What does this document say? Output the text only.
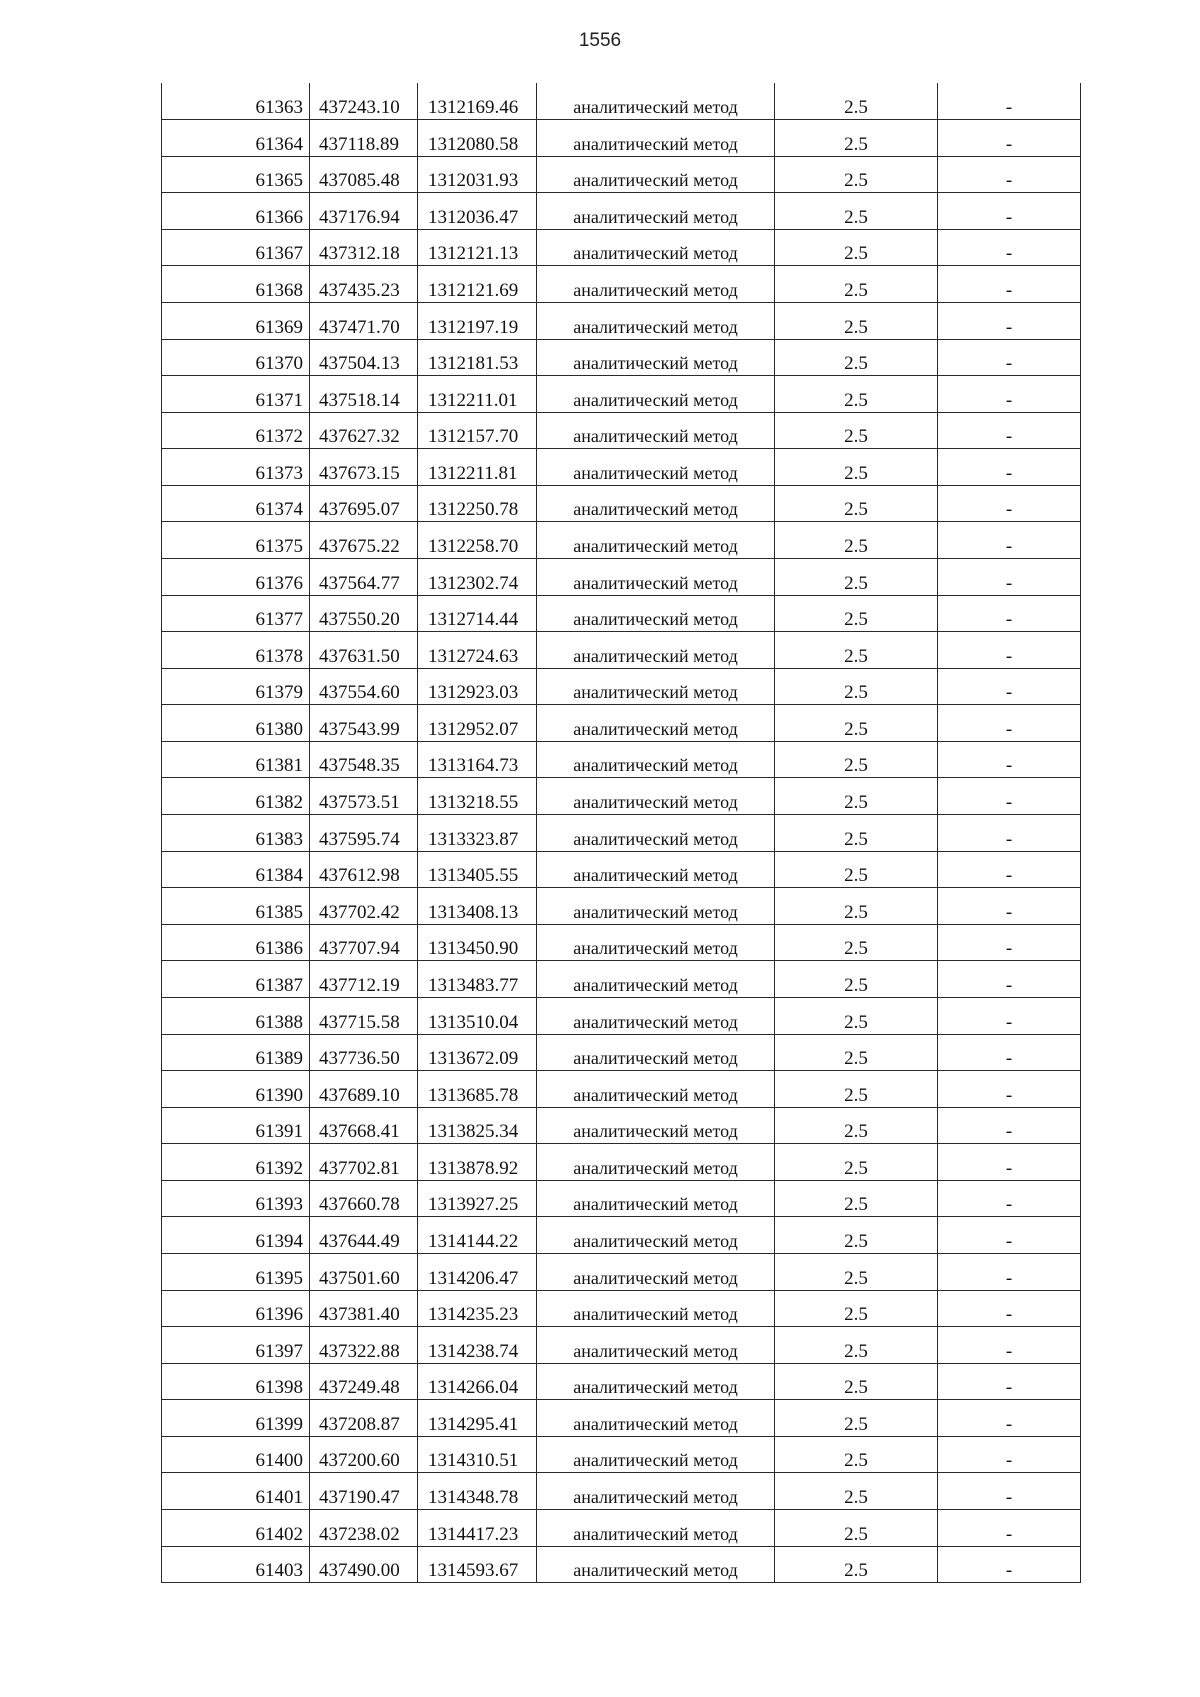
1556
61363	437243.10	1312169.46	аналитический метод	2.5	-
61364	437118.89	1312080.58	аналитический метод	2.5	-
61365	437085.48	1312031.93	аналитический метод	2.5	-
61366	437176.94	1312036.47	аналитический метод	2.5	-
61367	437312.18	1312121.13	аналитический метод	2.5	-
61368	437435.23	1312121.69	аналитический метод	2.5	-
61369	437471.70	1312197.19	аналитический метод	2.5	-
61370	437504.13	1312181.53	аналитический метод	2.5	-
61371	437518.14	1312211.01	аналитический метод	2.5	-
61372	437627.32	1312157.70	аналитический метод	2.5	-
61373	437673.15	1312211.81	аналитический метод	2.5	-
61374	437695.07	1312250.78	аналитический метод	2.5	-
61375	437675.22	1312258.70	аналитический метод	2.5	-
61376	437564.77	1312302.74	аналитический метод	2.5	-
61377	437550.20	1312714.44	аналитический метод	2.5	-
61378	437631.50	1312724.63	аналитический метод	2.5	-
61379	437554.60	1312923.03	аналитический метод	2.5	-
61380	437543.99	1312952.07	аналитический метод	2.5	-
61381	437548.35	1313164.73	аналитический метод	2.5	-
61382	437573.51	1313218.55	аналитический метод	2.5	-
61383	437595.74	1313323.87	аналитический метод	2.5	-
61384	437612.98	1313405.55	аналитический метод	2.5	-
61385	437702.42	1313408.13	аналитический метод	2.5	-
61386	437707.94	1313450.90	аналитический метод	2.5	-
61387	437712.19	1313483.77	аналитический метод	2.5	-
61388	437715.58	1313510.04	аналитический метод	2.5	-
61389	437736.50	1313672.09	аналитический метод	2.5	-
61390	437689.10	1313685.78	аналитический метод	2.5	-
61391	437668.41	1313825.34	аналитический метод	2.5	-
61392	437702.81	1313878.92	аналитический метод	2.5	-
61393	437660.78	1313927.25	аналитический метод	2.5	-
61394	437644.49	1314144.22	аналитический метод	2.5	-
61395	437501.60	1314206.47	аналитический метод	2.5	-
61396	437381.40	1314235.23	аналитический метод	2.5	-
61397	437322.88	1314238.74	аналитический метод	2.5	-
61398	437249.48	1314266.04	аналитический метод	2.5	-
61399	437208.87	1314295.41	аналитический метод	2.5	-
61400	437200.60	1314310.51	аналитический метод	2.5	-
61401	437190.47	1314348.78	аналитический метод	2.5	-
61402	437238.02	1314417.23	аналитический метод	2.5	-
61403	437490.00	1314593.67	аналитический метод	2.5	-
